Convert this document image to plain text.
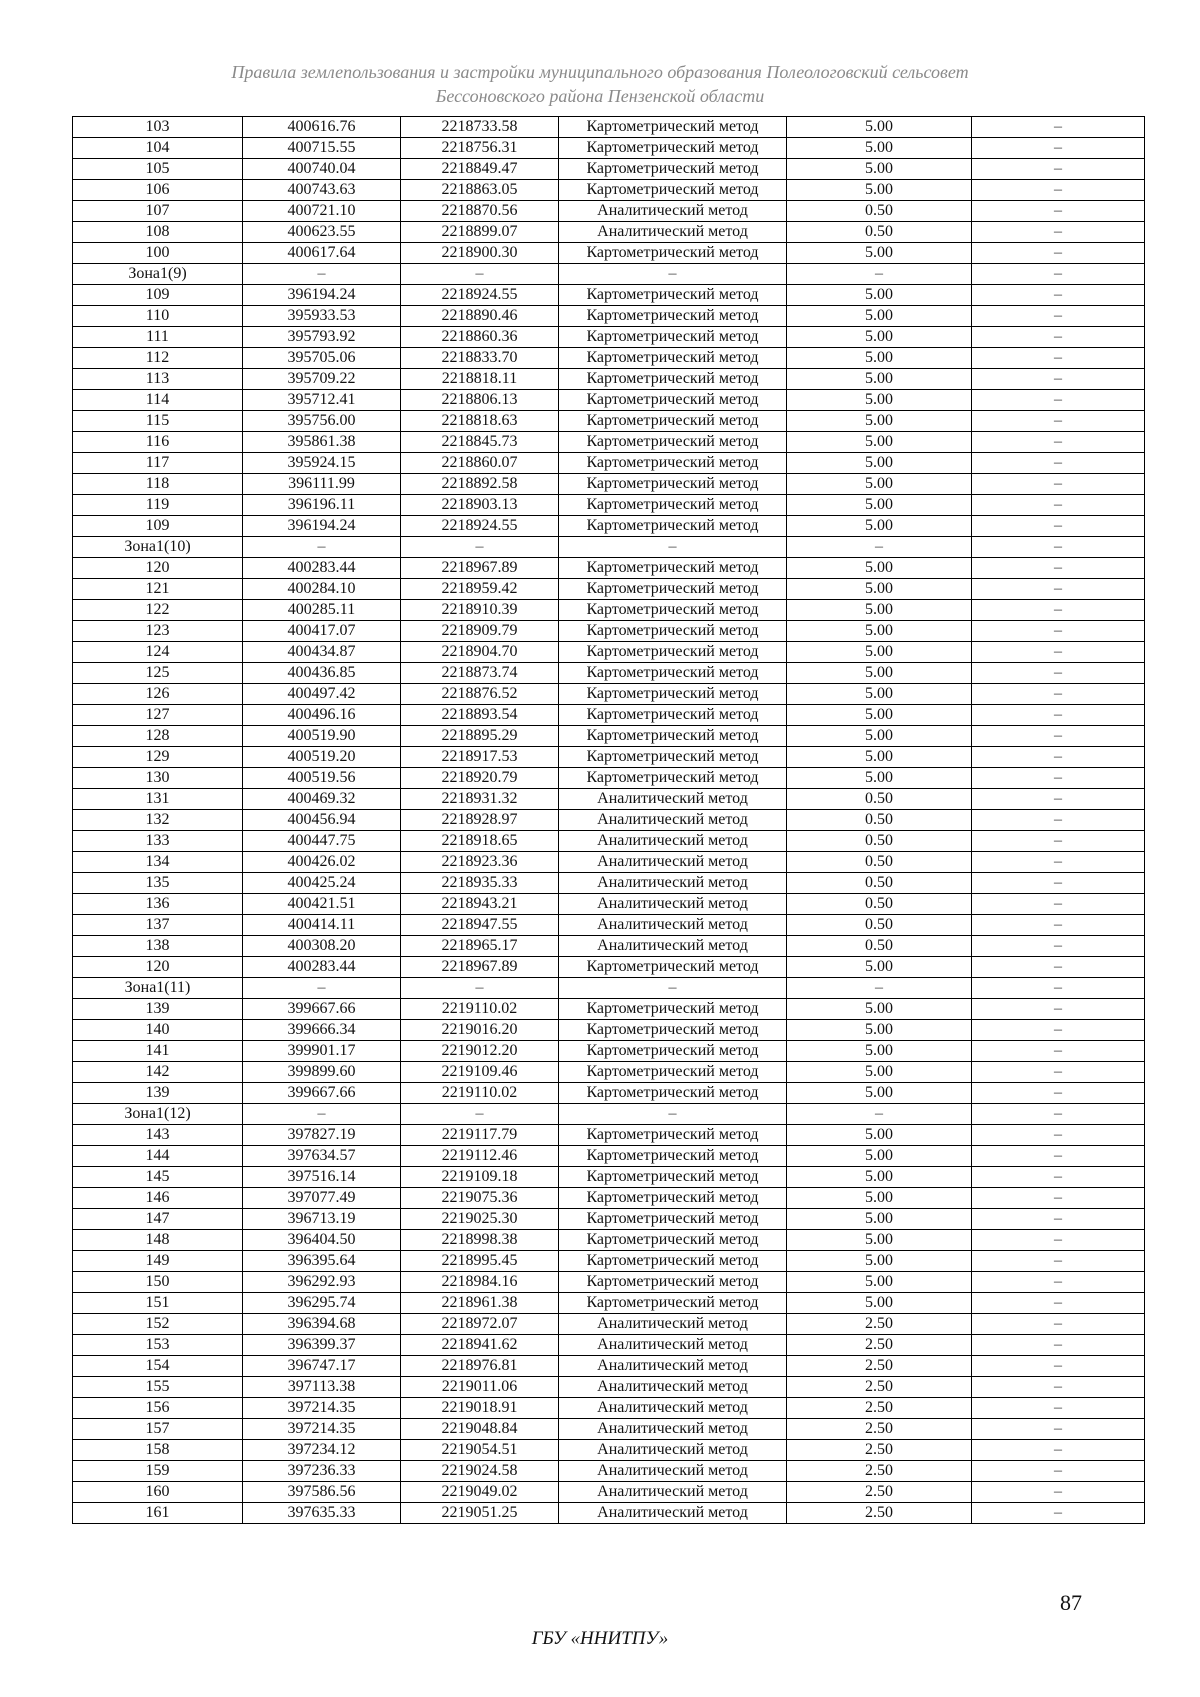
Правила землепользования и застройки муниципального образования Полеологовский сельсовет
Бессоновского района Пензенской области
103	400616.76	2218733.58	Картометрический метод	5.00	–
104	400715.55	2218756.31	Картометрический метод	5.00	–
105	400740.04	2218849.47	Картометрический метод	5.00	–
106	400743.63	2218863.05	Картометрический метод	5.00	–
107	400721.10	2218870.56	Аналитический метод	0.50	–
108	400623.55	2218899.07	Аналитический метод	0.50	–
100	400617.64	2218900.30	Картометрический метод	5.00	–
Зона1(9)	–	–	–	–	–
109	396194.24	2218924.55	Картометрический метод	5.00	–
110	395933.53	2218890.46	Картометрический метод	5.00	–
111	395793.92	2218860.36	Картометрический метод	5.00	–
112	395705.06	2218833.70	Картометрический метод	5.00	–
113	395709.22	2218818.11	Картометрический метод	5.00	–
114	395712.41	2218806.13	Картометрический метод	5.00	–
115	395756.00	2218818.63	Картометрический метод	5.00	–
116	395861.38	2218845.73	Картометрический метод	5.00	–
117	395924.15	2218860.07	Картометрический метод	5.00	–
118	396111.99	2218892.58	Картометрический метод	5.00	–
119	396196.11	2218903.13	Картометрический метод	5.00	–
109	396194.24	2218924.55	Картометрический метод	5.00	–
Зона1(10)	–	–	–	–	–
120	400283.44	2218967.89	Картометрический метод	5.00	–
121	400284.10	2218959.42	Картометрический метод	5.00	–
122	400285.11	2218910.39	Картометрический метод	5.00	–
123	400417.07	2218909.79	Картометрический метод	5.00	–
124	400434.87	2218904.70	Картометрический метод	5.00	–
125	400436.85	2218873.74	Картометрический метод	5.00	–
126	400497.42	2218876.52	Картометрический метод	5.00	–
127	400496.16	2218893.54	Картометрический метод	5.00	–
128	400519.90	2218895.29	Картометрический метод	5.00	–
129	400519.20	2218917.53	Картометрический метод	5.00	–
130	400519.56	2218920.79	Картометрический метод	5.00	–
131	400469.32	2218931.32	Аналитический метод	0.50	–
132	400456.94	2218928.97	Аналитический метод	0.50	–
133	400447.75	2218918.65	Аналитический метод	0.50	–
134	400426.02	2218923.36	Аналитический метод	0.50	–
135	400425.24	2218935.33	Аналитический метод	0.50	–
136	400421.51	2218943.21	Аналитический метод	0.50	–
137	400414.11	2218947.55	Аналитический метод	0.50	–
138	400308.20	2218965.17	Аналитический метод	0.50	–
120	400283.44	2218967.89	Картометрический метод	5.00	–
Зона1(11)	–	–	–	–	–
139	399667.66	2219110.02	Картометрический метод	5.00	–
140	399666.34	2219016.20	Картометрический метод	5.00	–
141	399901.17	2219012.20	Картометрический метод	5.00	–
142	399899.60	2219109.46	Картометрический метод	5.00	–
139	399667.66	2219110.02	Картометрический метод	5.00	–
Зона1(12)	–	–	–	–	–
143	397827.19	2219117.79	Картометрический метод	5.00	–
144	397634.57	2219112.46	Картометрический метод	5.00	–
145	397516.14	2219109.18	Картометрический метод	5.00	–
146	397077.49	2219075.36	Картометрический метод	5.00	–
147	396713.19	2219025.30	Картометрический метод	5.00	–
148	396404.50	2218998.38	Картометрический метод	5.00	–
149	396395.64	2218995.45	Картометрический метод	5.00	–
150	396292.93	2218984.16	Картометрический метод	5.00	–
151	396295.74	2218961.38	Картометрический метод	5.00	–
152	396394.68	2218972.07	Аналитический метод	2.50	–
153	396399.37	2218941.62	Аналитический метод	2.50	–
154	396747.17	2218976.81	Аналитический метод	2.50	–
155	397113.38	2219011.06	Аналитический метод	2.50	–
156	397214.35	2219018.91	Аналитический метод	2.50	–
157	397214.35	2219048.84	Аналитический метод	2.50	–
158	397234.12	2219054.51	Аналитический метод	2.50	–
159	397236.33	2219024.58	Аналитический метод	2.50	–
160	397586.56	2219049.02	Аналитический метод	2.50	–
161	397635.33	2219051.25	Аналитический метод	2.50	–
87
ГБУ «ННИТПУ»
